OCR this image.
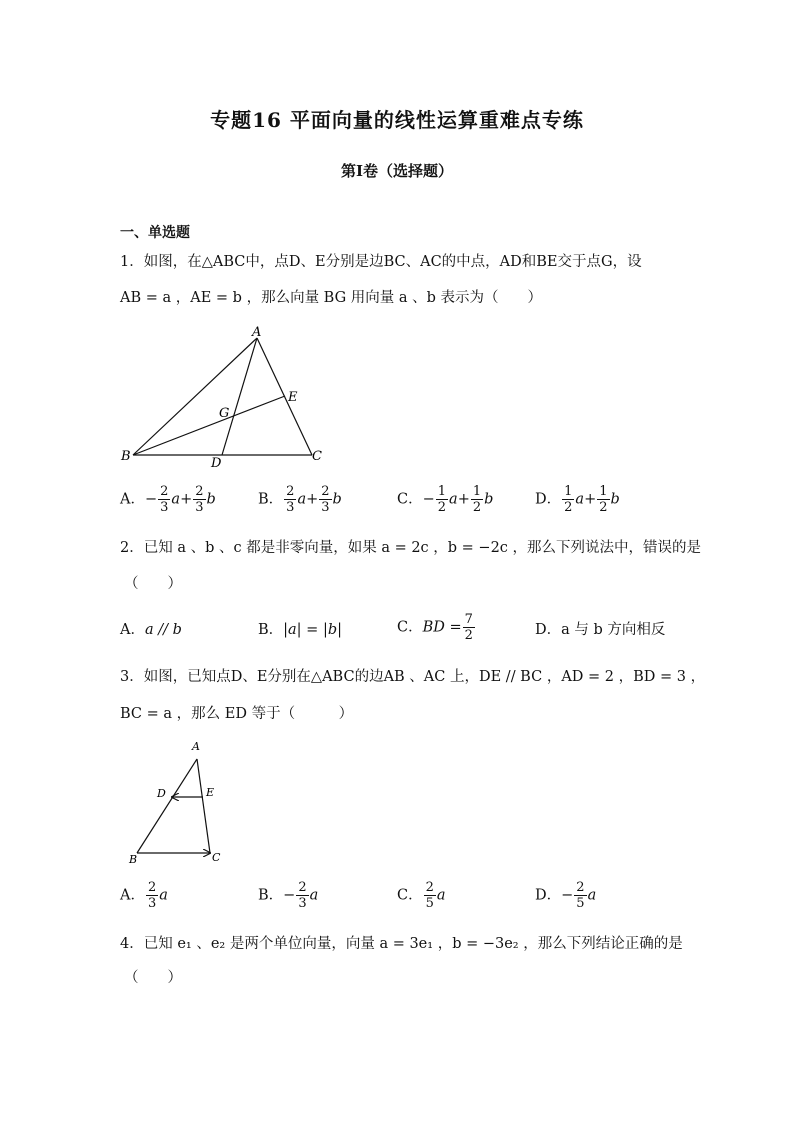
专题16 平面向量的线性运算重难点专练
第I卷（选择题）
一、单选题
1．如图，在△ABC中，点D、E分别是边BC、AC的中点，AD和BE交于点G，设
AB = a ，AE = b ，那么向量 BG 用向量 a 、b 表示为（　　）
A
B	C
D
E
G
A．− $\frac{2}{3} a+ \frac{2}{3}$ b	B． $\frac{2}{3} a+ \frac{2}{3}$ b	C．− $\frac{1}{2} a+ \frac{1}{2}$ b	D． $\frac{1}{2} a+ \frac{1}{2}$ b
2．已知 a 、b 、c 都是非零向量，如果 a = 2c ，b = −2c ，那么下列说法中，错误的是
（　　）
A．a // b	B．|a| = |b|	C．BD = $\frac{7}{2}$	D．a 与 b 方向相反
3．如图，已知点D、E分别在△ABC的边AB 、AC 上，DE // BC ，AD = 2 ，BD = 3 ，
BC = a ，那么 ED 等于（　　　）
A
B	C
D	E
A． $\frac{2}{3}$ a	B．− $\frac{2}{3}$ a	C． $\frac{2}{5}$ a	D．− $\frac{2}{5}$ a
4．已知 e₁ 、e₂ 是两个单位向量，向量 a = 3e₁ ，b = −3e₂ ，那么下列结论正确的是
（　　）
